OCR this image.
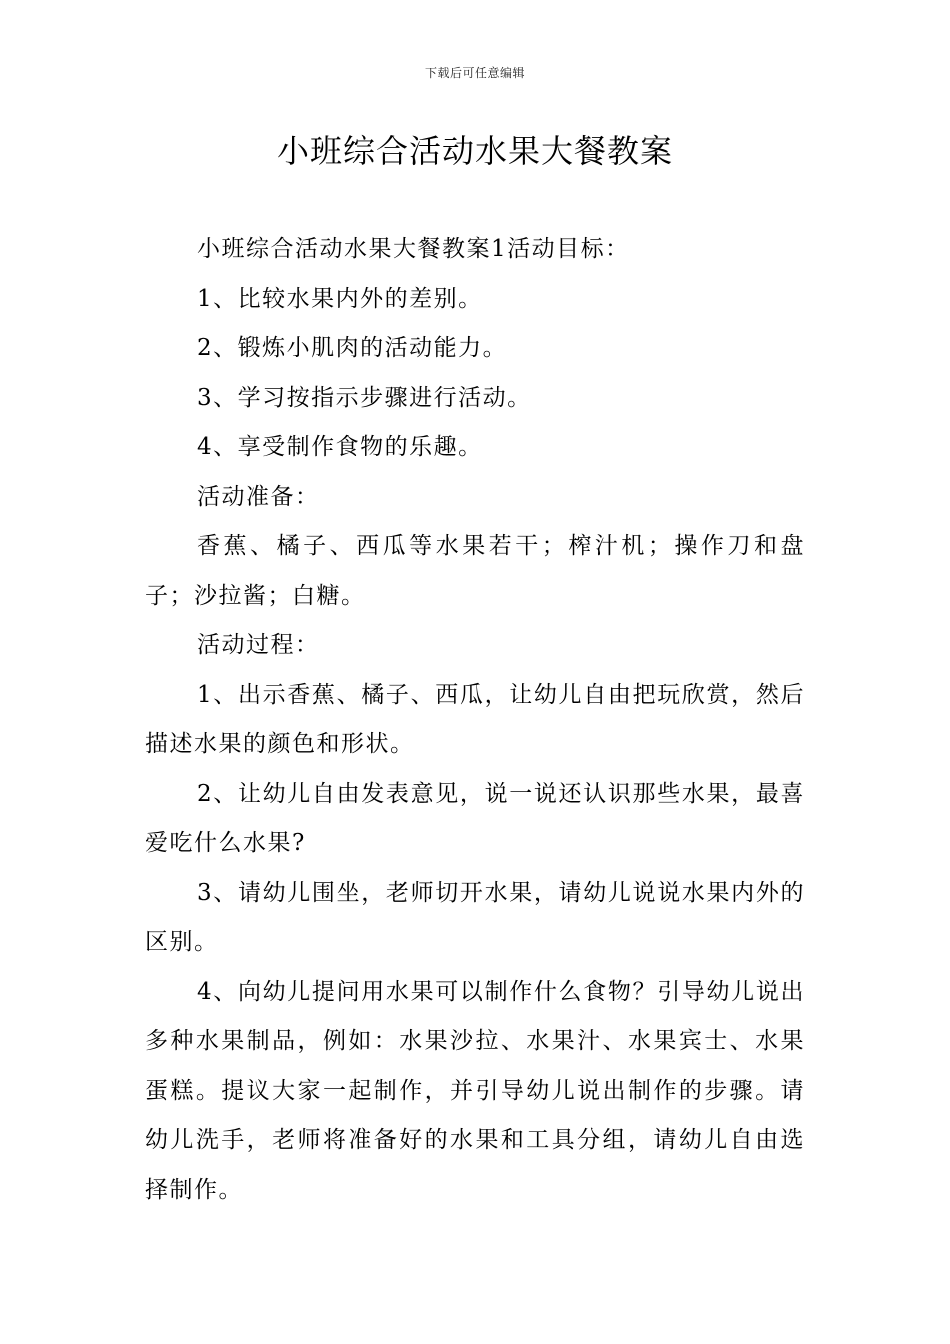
下载后可任意编辑
小班综合活动水果大餐教案

小班综合活动水果大餐教案1活动目标：

1、比较水果内外的差别。

2、锻炼小肌肉的活动能力。

3、学习按指示步骤进行活动。

4、享受制作食物的乐趣。

活动准备：

香蕉、橘子、西瓜等水果若干；榨汁机；操作刀和盘子；沙拉酱；白糖。

活动过程：

1、出示香蕉、橘子、西瓜，让幼儿自由把玩欣赏，然后描述水果的颜色和形状。

2、让幼儿自由发表意见，说一说还认识那些水果，最喜爱吃什么水果?

3、请幼儿围坐，老师切开水果，请幼儿说说水果内外的区别。

4、向幼儿提问用水果可以制作什么食物？引导幼儿说出多种水果制品，例如：水果沙拉、水果汁、水果宾士、水果蛋糕。提议大家一起制作，并引导幼儿说出制作的步骤。请幼儿洗手，老师将准备好的水果和工具分组，请幼儿自由选择制作。
